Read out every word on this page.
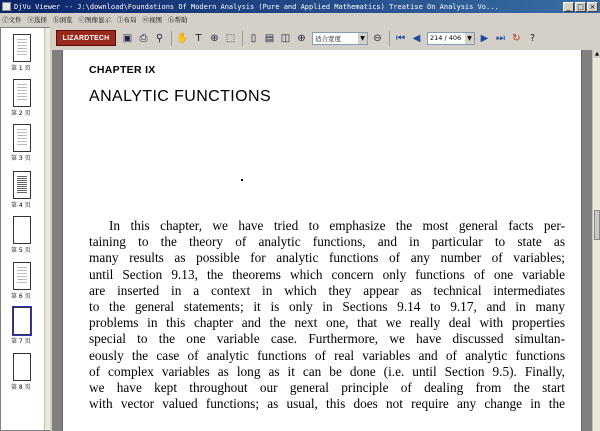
DjVu Viewer -- J:\download\Foundations Of Modern Analysis (Pure and Applied Mathematics) Treatise On Analysis Vo...	_ □ ×
ⓕ文件 ⓢ选择 ⓑ浏览 ⓒ图像显示 ⓛ布局 ⓦ视图 ⓗ帮助
第 1 页
第 2 页
第 3 页
第 4 页
第 5 页
第 6 页
第 7 页
第 8 页
LIZARDTECH	▣ ⎙ ⚲	✋ T ⊕ ⬚	▯ ▤ ◫ ⊕	适合宽度	▼ ⊖	⏮ ◀	214 / 406	▼ ▶ ⏭ ↻ ?
CHAPTER IX
ANALYTIC FUNCTIONS
In this chapter, we have tried to emphasize the most general facts per-
taining to the theory of analytic functions, and in particular to state as
many results as possible for analytic functions of any number of variables;
until Section 9.13, the theorems which concern only functions of one variable
are inserted in a context in which they appear as technical intermediates
to the general statements; it is only in Sections 9.14 to 9.17, and in many
problems in this chapter and the next one, that we really deal with properties
special to the one variable case. Furthermore, we have discussed simultan-
eously the case of analytic functions of real variables and of analytic functions
of complex variables as long as it can be done (i.e. until Section 9.5). Finally,
we have kept throughout our general principle of dealing from the start
with vector valued functions; as usual, this does not require any change in the
▲
